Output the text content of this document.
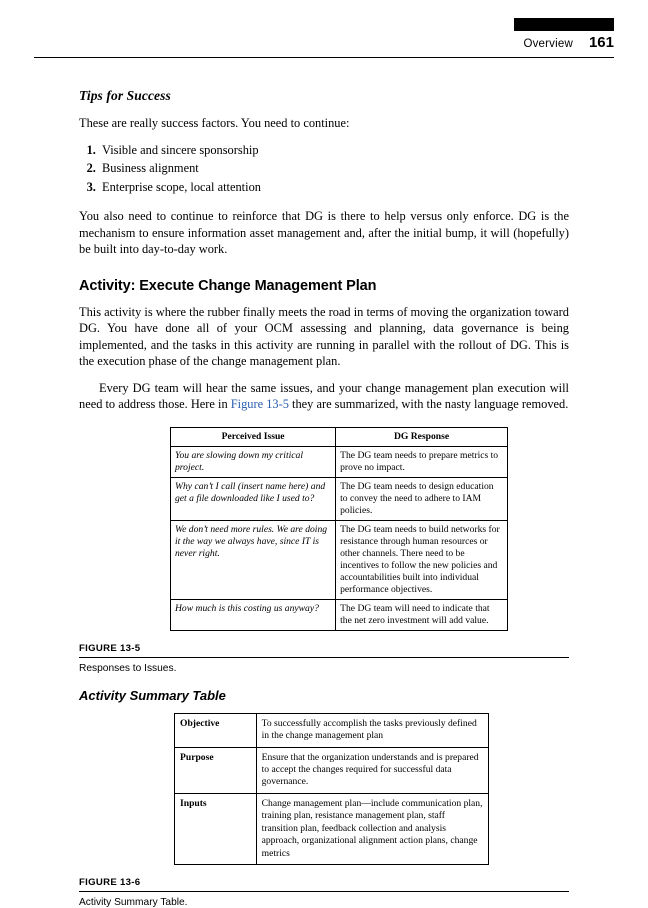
Overview 161
Tips for Success

These are really success factors. You need to continue:

1. Visible and sincere sponsorship
2. Business alignment
3. Enterprise scope, local attention

You also need to continue to reinforce that DG is there to help versus only enforce. DG is the mechanism to ensure information asset management and, after the initial bump, it will (hopefully) be built into day-to-day work.

Activity: Execute Change Management Plan

This activity is where the rubber finally meets the road in terms of moving the organization toward DG. You have done all of your OCM assessing and planning, data governance is being implemented, and the tasks in this activity are running in parallel with the rollout of DG. This is the execution phase of the change management plan.

Every DG team will hear the same issues, and your change management plan execution will need to address those. Here in Figure 13-5 they are summarized, with the nasty language removed.

Perceived Issue	DG Response
You are slowing down my critical project.	The DG team needs to prepare metrics to prove no impact.
Why can’t I call (insert name here) and get a file downloaded like I used to?	The DG team needs to design education to convey the need to adhere to IAM policies.
We don’t need more rules. We are doing it the way we always have, since IT is never right.	The DG team needs to build networks for resistance through human resources or other channels. There need to be incentives to follow the new policies and accountabilities built into individual performance objectives.
How much is this costing us anyway?	The DG team will need to indicate that the net zero investment will add value.

FIGURE 13-5

Responses to Issues.

Activity Summary Table
Objective	To successfully accomplish the tasks previously defined in the change management plan
Purpose	Ensure that the organization understands and is prepared to accept the changes required for successful data governance.
Inputs	Change management plan—include communication plan, training plan, resistance management plan, staff transition plan, feedback collection and analysis approach, organizational alignment action plans, change metrics

FIGURE 13-6

Activity Summary Table.
